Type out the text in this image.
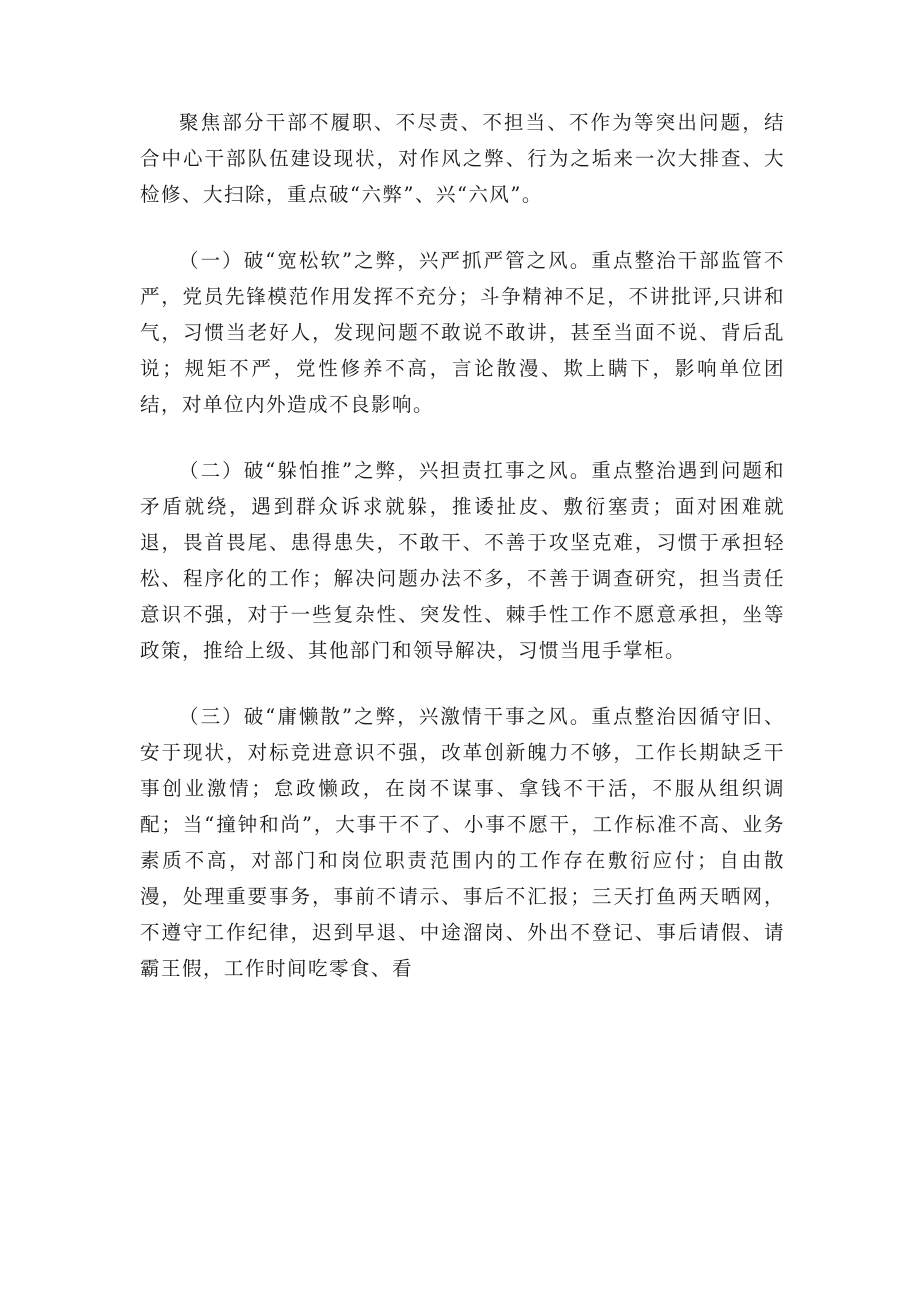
聚焦部分干部不履职、不尽责、不担当、不作为等突出问题，结合中心干部队伍建设现状，对作风之弊、行为之垢来一次大排查、大检修、大扫除，重点破“六弊”、兴“六风”。

（一）破“宽松软”之弊，兴严抓严管之风。重点整治干部监管不严，党员先锋模范作用发挥不充分；斗争精神不足，不讲批评,只讲和气，习惯当老好人，发现问题不敢说不敢讲，甚至当面不说、背后乱说；规矩不严，党性修养不高，言论散漫、欺上瞒下，影响单位团结，对单位内外造成不良影响。

（二）破“躲怕推”之弊，兴担责扛事之风。重点整治遇到问题和矛盾就绕，遇到群众诉求就躲，推诿扯皮、敷衍塞责；面对困难就退，畏首畏尾、患得患失，不敢干、不善于攻坚克难，习惯于承担轻松、程序化的工作；解决问题办法不多，不善于调查研究，担当责任意识不强，对于一些复杂性、突发性、棘手性工作不愿意承担，坐等政策，推给上级、其他部门和领导解决，习惯当甩手掌柜。

（三）破“庸懒散”之弊，兴激情干事之风。重点整治因循守旧、安于现状，对标竞进意识不强，改革创新魄力不够，工作长期缺乏干事创业激情；怠政懒政，在岗不谋事、拿钱不干活，不服从组织调配；当“撞钟和尚”，大事干不了、小事不愿干，工作标准不高、业务素质不高，对部门和岗位职责范围内的工作存在敷衍应付；自由散漫，处理重要事务，事前不请示、事后不汇报；三天打鱼两天晒网，不遵守工作纪律，迟到早退、中途溜岗、外出不登记、事后请假、请霸王假，工作时间吃零食、看
